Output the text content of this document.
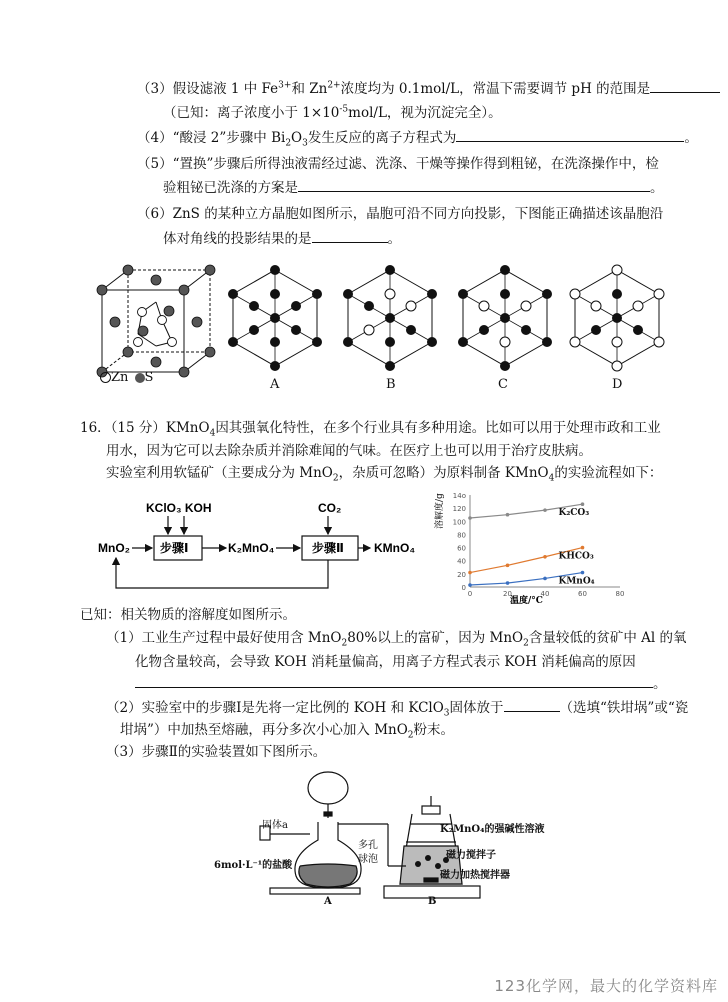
（3）假设滤液 1 中 $Fe^{3+}$和 $Zn^{2+}$浓度均为 0.1mol/L，常温下需要调节 pH 的范围是
（已知：离子浓度小于 $1\times 10^{-5}mol/L$，视为沉淀完全）。
（4）“酸浸 2”步骤中 $Bi_2O_3$发生反应的离子方程式为	。
（5）“置换”步骤后所得浊液需经过滤、洗涤、干燥等操作得到粗铋，在洗涤操作中，检
验粗铋已洗涤的方案是	。
（6）ZnS 的某种立方晶胞如图所示，晶胞可沿不同方向投影，下图能正确描述该晶胞沿
体对角线的投影结果的是	。
Zn S	A	B	C	D
16．（15 分）KMnO$_4$因其强氧化特性，在多个行业具有多种用途。比如可以用于处理市政和工业
用水，因为它可以去除杂质并消除难闻的气味。在医疗上也可以用于治疗皮肤病。
实验室利用软锰矿（主要成分为 MnO$_2$，杂质可忽略）为原料制备 KMnO$_4$的实验流程如下：
KClO₃ KOH	CO₂
MnO₂	步骤Ⅰ	K₂MnO₄	步骤Ⅱ	KMnO₄
0
20
40
60
80
100
120
14o
0	20	40	60	80
K₂CO₃
KHCO₃
KMnO₄
溶解度/g
温度/°C
已知：相关物质的溶解度如图所示。
（1）工业生产过程中最好使用含 MnO$_2$80%以上的富矿，因为 MnO$_2$含量较低的贫矿中 Al 的氧
化物含量较高，会导致 KOH 消耗量偏高，用离子方程式表示 KOH 消耗偏高的原因
。
（2）实验室中的步骤Ⅰ是先将一定比例的 KOH 和 KClO$_3$固体放于	（选填“铁坩埚”或“瓷
坩埚”）中加热至熔融，再分多次小心加入 MnO$_2$粉末。
（3）步骤Ⅱ的实验装置如下图所示。
固体a
6mol·L⁻¹的盐酸
多孔
球泡
K₂MnO₄的强碱性溶液
磁力搅拌子
磁力加热搅拌器
A	B
123化学网，最大的化学资料库
